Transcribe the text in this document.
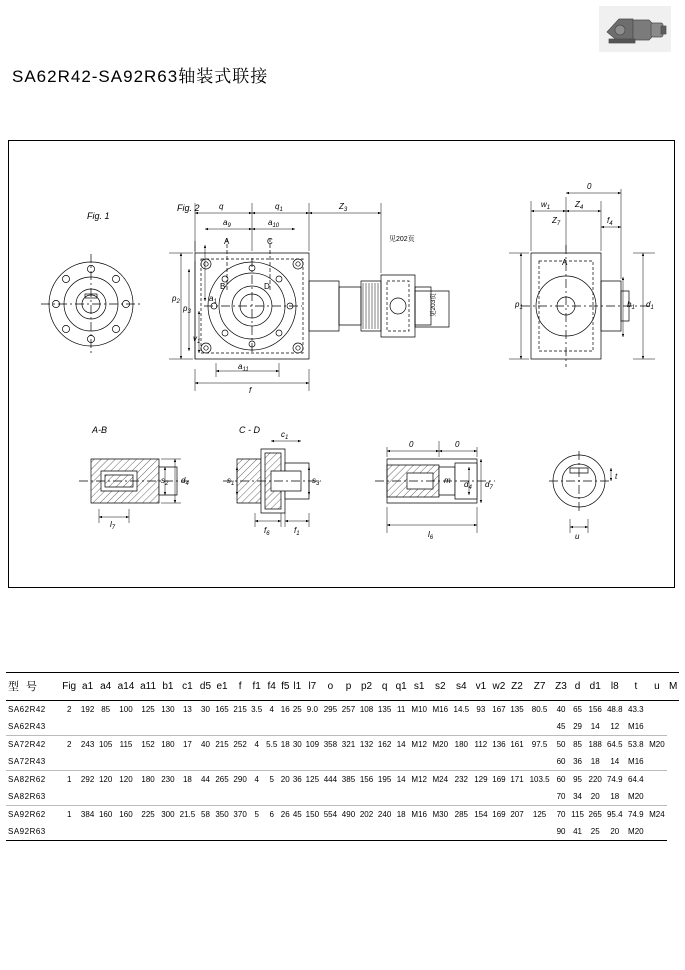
SA62R42-SA92R63轴装式联接
Fig. 1
Fig. 2
A
B
C
D
见203页
见202页
q	$q_1$	$Z_3$
$a_9$	$a_{10}$
$p_2$
$p_3$
$v_1$
$a_1$
$a_{11}$
f
A
0
$w_1$	$Z_4$
$Z_7$	$f_4$
$d_1$
$b_1$
$p_1$
A-B
$l_7$
$s_2$ $d_4$
C - D
$s_1$	$s_3$
$c_1$
$f_6$	$f_1$
0	0
$l_6$
m $d_4$ $d_7$
u
t
型 号	Fig	a1	a4	a14	a11	b1	c1	d5	e1	f	f1	f4	f5	l1	l7	o	p	p2	q	q1	s1	s2	s4	v1	w2	Z2	Z7	Z3	d	d1	l8	t	u	M
SA62R42	2	192	85	100	125	130	13	30	165	215	3.5	4	16	25	9.0	295	257	108	135	11	M10	M16	14.5	93	167	135	80.5	40	65	156	48.8	43.3		
SA62R43																												45	29	14	12	M16		
SA72R42	2	243	105	115	152	180	17	40	215	252	4	5.5	18	30	109	358	321	132	162	14	M12	M20	180	112	136	161	97.5	50	85	188	64.5	53.8	M20	
SA72R43																												60	36	18	14	M16		
SA82R62	1	292	120	120	180	230	18	44	265	290	4	5	20	36	125	444	385	156	195	14	M12	M24	232	129	169	171	103.5	60	95	220	74.9	64.4		
SA82R63																												70	34	20	18	M20		
SA92R62	1	384	160	160	225	300	21.5	58	350	370	5	6	26	45	150	554	490	202	240	18	M16	M30	285	154	169	207	125	70	115	265	95.4	74.9	M24	
SA92R63																												90	41	25	20	M20		
